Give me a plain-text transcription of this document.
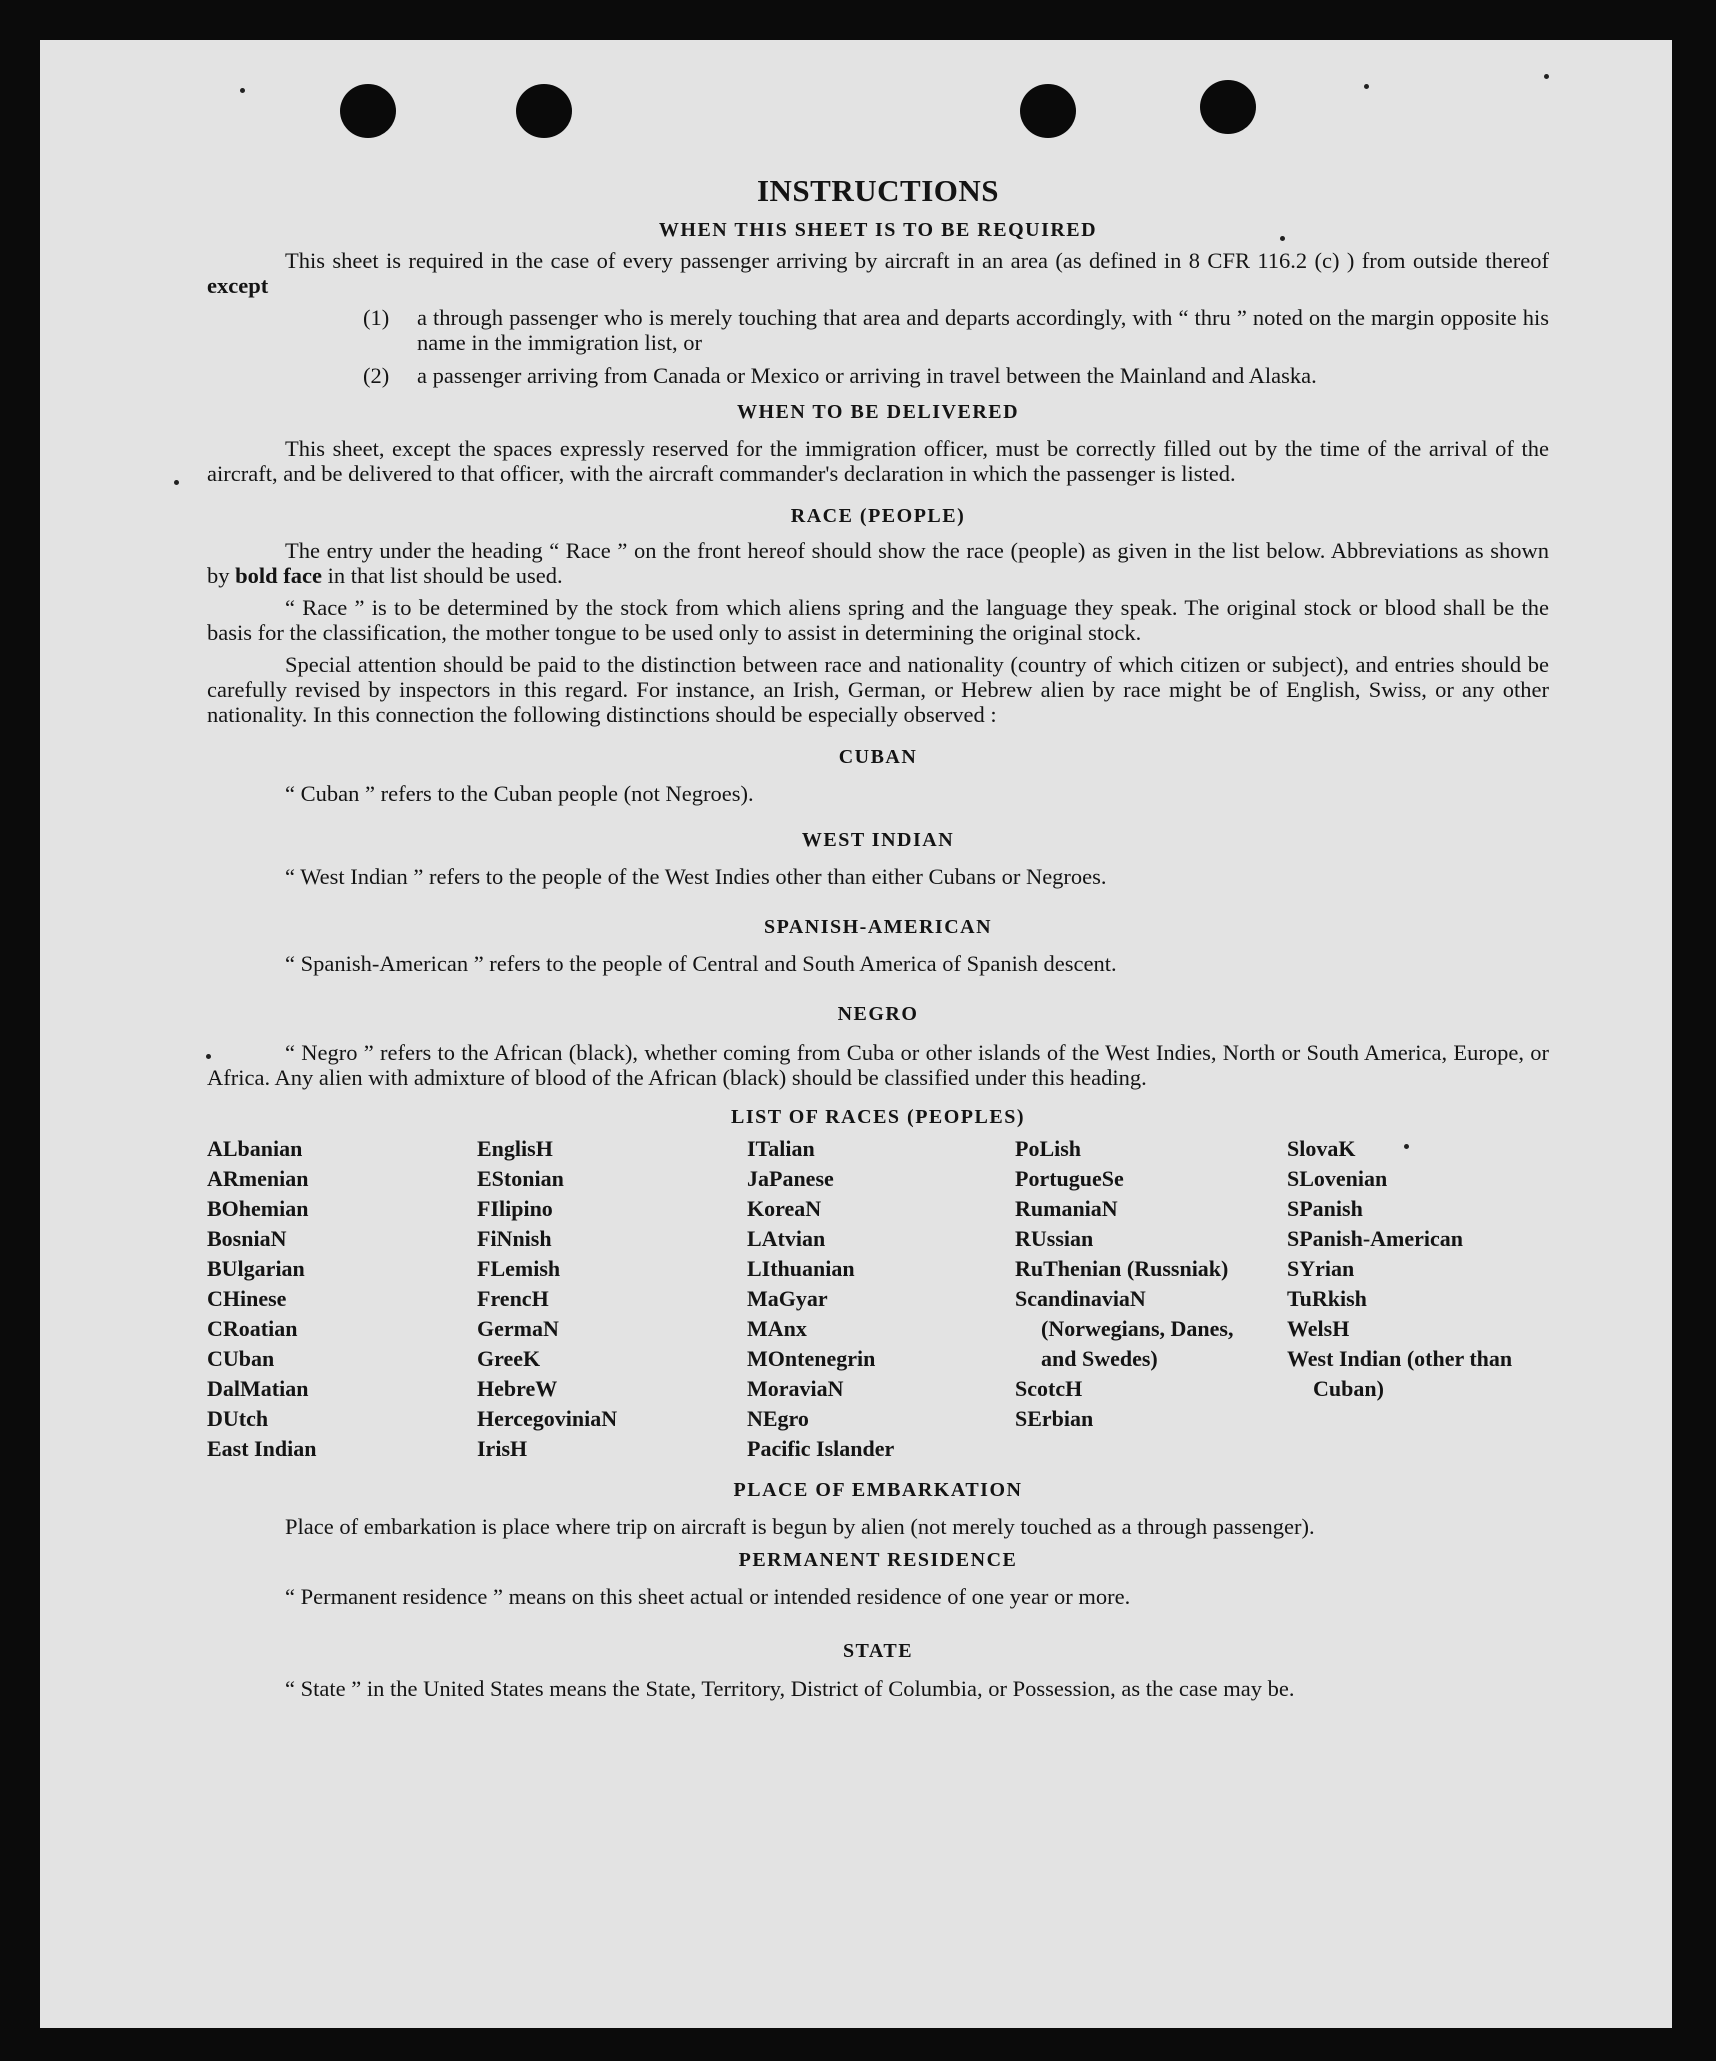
INSTRUCTIONS
WHEN THIS SHEET IS TO BE REQUIRED

This sheet is required in the case of every passenger arriving by aircraft in an area (as defined in 8 CFR 116.2 (c) ) from outside thereof except

(1)	a through passenger who is merely touching that area and departs accordingly, with “ thru ” noted on the margin opposite his name in the immigration list, or
(2)	a passenger arriving from Canada or Mexico or arriving in travel between the Mainland and Alaska.
WHEN TO BE DELIVERED

This sheet, except the spaces expressly reserved for the immigration officer, must be correctly filled out by the time of the arrival of the aircraft, and be delivered to that officer, with the aircraft commander's declaration in which the passenger is listed.

RACE (PEOPLE)

The entry under the heading “ Race ” on the front hereof should show the race (people) as given in the list below. Abbreviations as shown by bold face in that list should be used.

“ Race ” is to be determined by the stock from which aliens spring and the language they speak. The original stock or blood shall be the basis for the classification, the mother tongue to be used only to assist in determining the original stock.

Special attention should be paid to the distinction between race and nationality (country of which citizen or subject), and entries should be carefully revised by inspectors in this regard. For instance, an Irish, German, or Hebrew alien by race might be of English, Swiss, or any other nationality. In this connection the following distinctions should be especially observed :

CUBAN

“ Cuban ” refers to the Cuban people (not Negroes).

WEST INDIAN

“ West Indian ” refers to the people of the West Indies other than either Cubans or Negroes.

SPANISH-AMERICAN

“ Spanish-American ” refers to the people of Central and South America of Spanish descent.

NEGRO

“ Negro ” refers to the African (black), whether coming from Cuba or other islands of the West Indies, North or South America, Europe, or Africa. Any alien with admixture of blood of the African (black) should be classified under this heading.

LIST OF RACES (PEOPLES)
ALbanian
ARmenian
BOhemian
BosniaN
BUlgarian
CHinese
CRoatian
CUban
DalMatian
DUtch
East Indian
EnglisH
EStonian
FIlipino
FiNnish
FLemish
FrencH
GermaN
GreeK
HebreW
HercegoviniaN
IrisH
ITalian
JaPanese
KoreaN
LAtvian
LIthuanian
MaGyar
MAnx
MOntenegrin
MoraviaN
NEgro
Pacific Islander
PoLish
PortugueSe
RumaniaN
RUssian
RuThenian (Russniak)
ScandinaviaN (Norwegians, Danes, and Swedes)
ScotcH
SErbian
SlovaK
SLovenian
SPanish
SPanish-American
SYrian
TuRkish
WelsH
West Indian (other than Cuban)
PLACE OF EMBARKATION

Place of embarkation is place where trip on aircraft is begun by alien (not merely touched as a through passenger).

PERMANENT RESIDENCE

“ Permanent residence ” means on this sheet actual or intended residence of one year or more.

STATE

“ State ” in the United States means the State, Territory, District of Columbia, or Possession, as the case may be.
